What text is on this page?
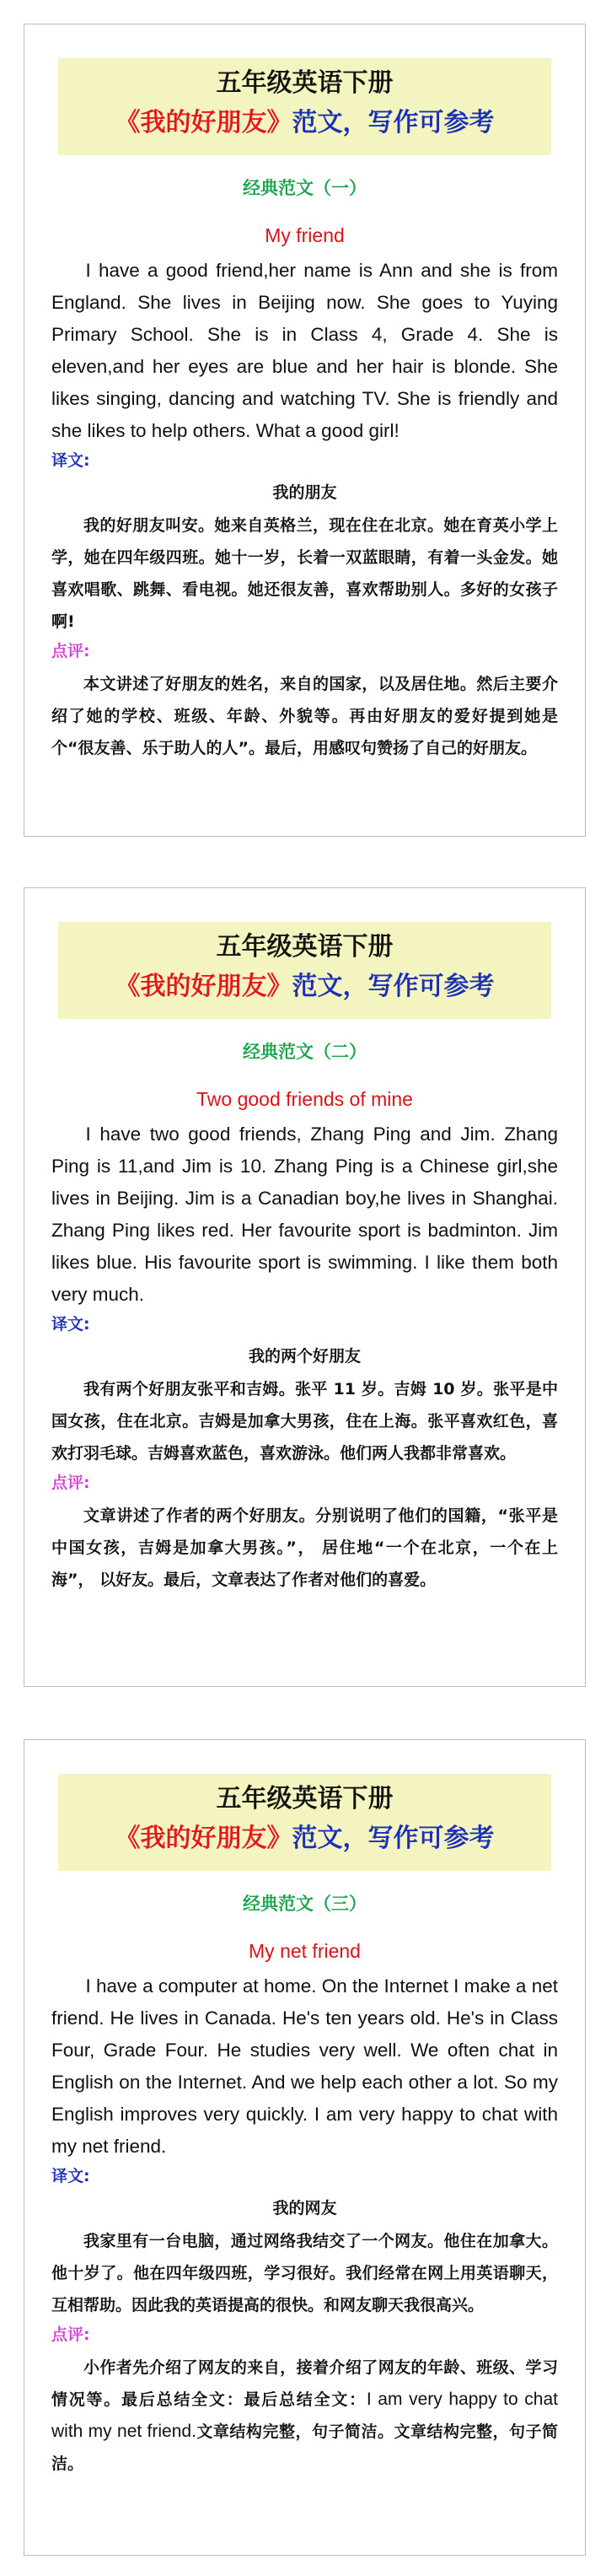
五年级英语下册
《我的好朋友》范文，写作可参考
经典范文（一）
My friend
I have a good friend,her name is Ann and she is from England. She lives in Beijing now. She goes to Yuying Primary School. She is in Class 4, Grade 4. She is eleven,and her eyes are blue and her hair is blonde. She likes singing, dancing and watching TV. She is friendly and she likes to help others. What a good girl!
译文:
我的朋友
我的好朋友叫安。她来自英格兰，现在住在北京。她在育英小学上学，她在四年级四班。她十一岁，长着一双蓝眼睛，有着一头金发。她喜欢唱歌、跳舞、看电视。她还很友善，喜欢帮助别人。多好的女孩子啊!
点评:
本文讲述了好朋友的姓名，来自的国家，以及居住地。然后主要介绍了她的学校、班级、年龄、外貌等。再由好朋友的爱好提到她是个“很友善、乐于助人的人”。最后，用感叹句赞扬了自己的好朋友。
五年级英语下册
《我的好朋友》范文，写作可参考
经典范文（二）
Two good friends of mine
I have two good friends, Zhang Ping and Jim. Zhang Ping is 11,and Jim is 10. Zhang Ping is a Chinese girl,she lives in Beijing. Jim is a Canadian boy,he lives in Shanghai. Zhang Ping likes red. Her favourite sport is badminton. Jim likes blue. His favourite sport is swimming. I like them both very much.
译文:
我的两个好朋友
我有两个好朋友张平和吉姆。张平 11 岁。吉姆 10 岁。张平是中国女孩，住在北京。吉姆是加拿大男孩，住在上海。张平喜欢红色，喜欢打羽毛球。吉姆喜欢蓝色，喜欢游泳。他们两人我都非常喜欢。
点评:
文章讲述了作者的两个好朋友。分别说明了他们的国籍，“张平是中国女孩，吉姆是加拿大男孩。”， 居住地“一个在北京，一个在上海”， 以好友。最后，文章表达了作者对他们的喜爱。
五年级英语下册
《我的好朋友》范文，写作可参考
经典范文（三）
My net friend
I have a computer at home. On the Internet I make a net friend. He lives in Canada. He's ten years old. He's in Class Four, Grade Four. He studies very well. We often chat in English on the Internet. And we help each other a lot. So my English improves very quickly. I am very happy to chat with my net friend.
译文:
我的网友
我家里有一台电脑，通过网络我结交了一个网友。他住在加拿大。他十岁了。他在四年级四班，学习很好。我们经常在网上用英语聊天，互相帮助。因此我的英语提高的很快。和网友聊天我很高兴。
点评:
小作者先介绍了网友的来自，接着介绍了网友的年龄、班级、学习情况等。最后总结全文：最后总结全文：I am very happy to chat with my net friend.文章结构完整，句子简洁。文章结构完整，句子简洁。
